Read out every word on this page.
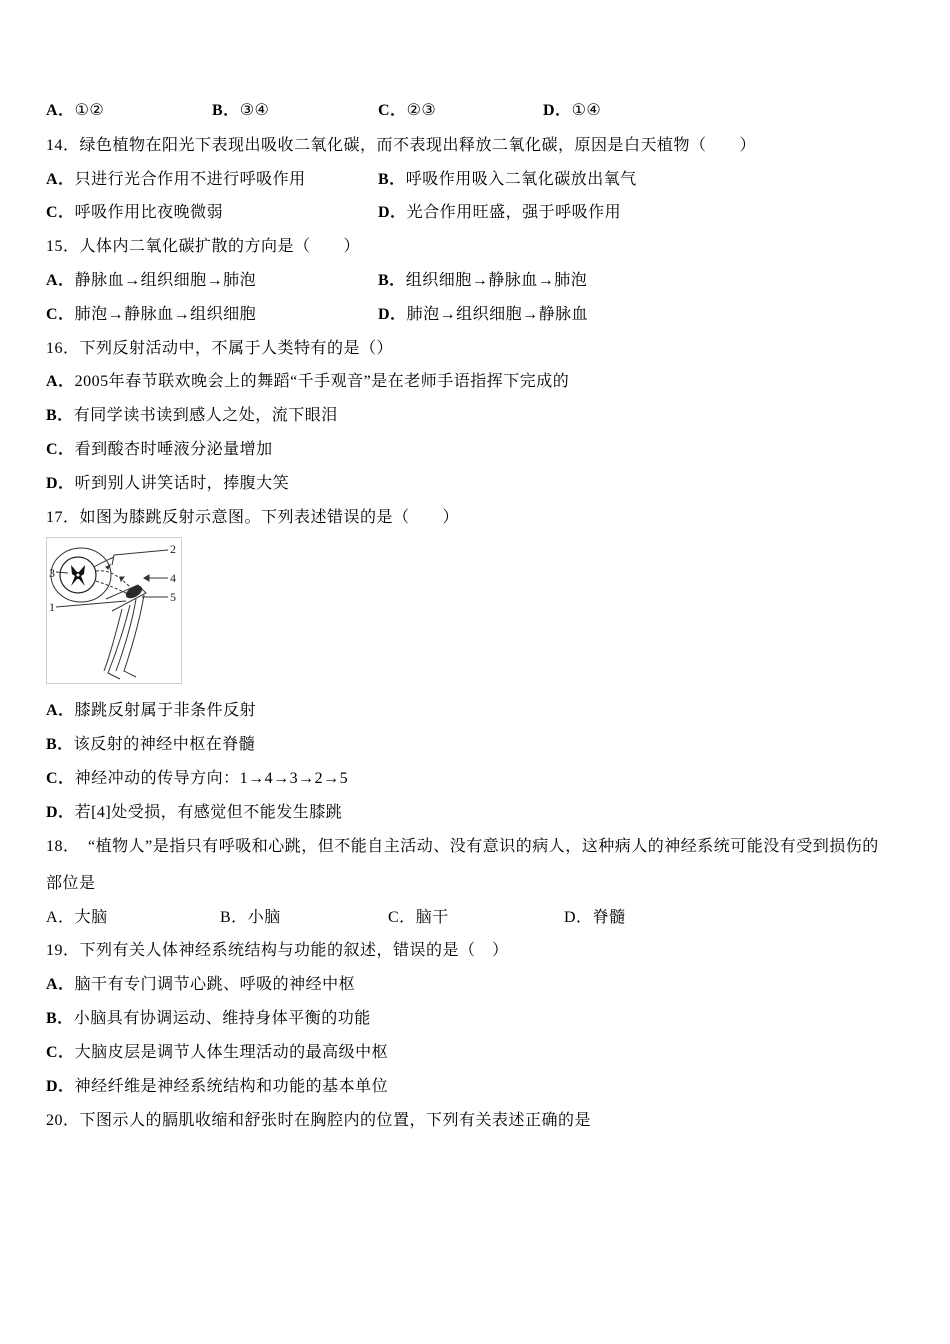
A．①②	B．③④	C．②③	D．①④
14．绿色植物在阳光下表现出吸收二氧化碳，而不表现出释放二氧化碳，原因是白天植物（　　）
A．只进行光合作用不进行呼吸作用	B．呼吸作用吸入二氧化碳放出氧气
C．呼吸作用比夜晚微弱	D．光合作用旺盛，强于呼吸作用
15．人体内二氧化碳扩散的方向是（　　）
A．静脉血→组织细胞→肺泡	B．组织细胞→静脉血→肺泡
C．肺泡→静脉血→组织细胞	D．肺泡→组织细胞→静脉血
16．下列反射活动中，不属于人类特有的是（）
A．2005年春节联欢晚会上的舞蹈“千手观音”是在老师手语指挥下完成的
B．有同学读书读到感人之处，流下眼泪
C．看到酸杏时唾液分泌量增加
D．听到别人讲笑话时，捧腹大笑
17．如图为膝跳反射示意图。下列表述错误的是（　　）
2
3	4
5
1
A．膝跳反射属于非条件反射
B．该反射的神经中枢在脊髓
C．神经冲动的传导方向：1→4→3→2→5
D．若[4]处受损，有感觉但不能发生膝跳
18．　“植物人”是指只有呼吸和心跳，但不能自主活动、没有意识的病人，这种病人的神经系统可能没有受到损伤的
部位是
A．大脑	B．小脑	C．脑干	D．脊髓
19．下列有关人体神经系统结构与功能的叙述，错误的是（　）
A．脑干有专门调节心跳、呼吸的神经中枢
B．小脑具有协调运动、维持身体平衡的功能
C．大脑皮层是调节人体生理活动的最高级中枢
D．神经纤维是神经系统结构和功能的基本单位
20．下图示人的膈肌收缩和舒张时在胸腔内的位置，下列有关表述正确的是
